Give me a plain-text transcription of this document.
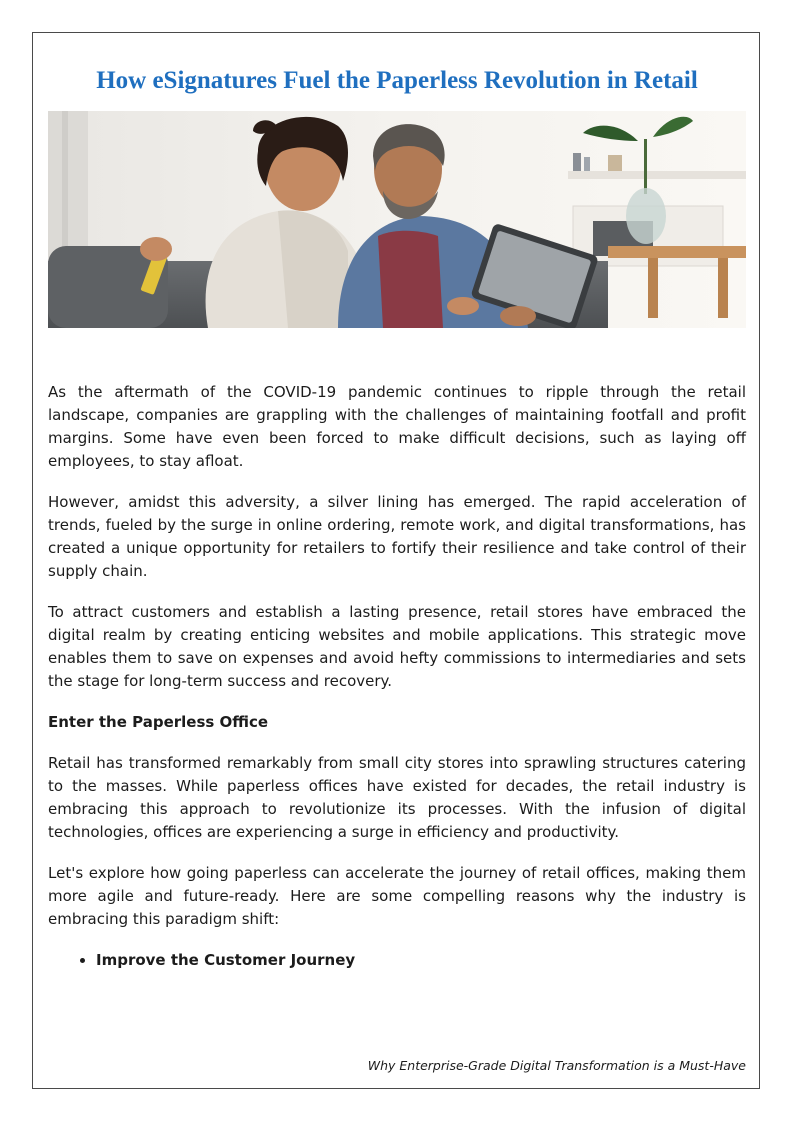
How eSignatures Fuel the Paperless Revolution in Retail

As the aftermath of the COVID-19 pandemic continues to ripple through the retail landscape, companies are grappling with the challenges of maintaining footfall and profit margins. Some have even been forced to make difficult decisions, such as laying off employees, to stay afloat.

However, amidst this adversity, a silver lining has emerged. The rapid acceleration of trends, fueled by the surge in online ordering, remote work, and digital transformations, has created a unique opportunity for retailers to fortify their resilience and take control of their supply chain.

To attract customers and establish a lasting presence, retail stores have embraced the digital realm by creating enticing websites and mobile applications. This strategic move enables them to save on expenses and avoid hefty commissions to intermediaries and sets the stage for long-term success and recovery.

Enter the Paperless Office

Retail has transformed remarkably from small city stores into sprawling structures catering to the masses. While paperless offices have existed for decades, the retail industry is embracing this approach to revolutionize its processes. With the infusion of digital technologies, offices are experiencing a surge in efficiency and productivity.

Let's explore how going paperless can accelerate the journey of retail offices, making them more agile and future-ready. Here are some compelling reasons why the industry is embracing this paradigm shift:

• Improve the Customer Journey
Why Enterprise-Grade Digital Transformation is a Must-Have
